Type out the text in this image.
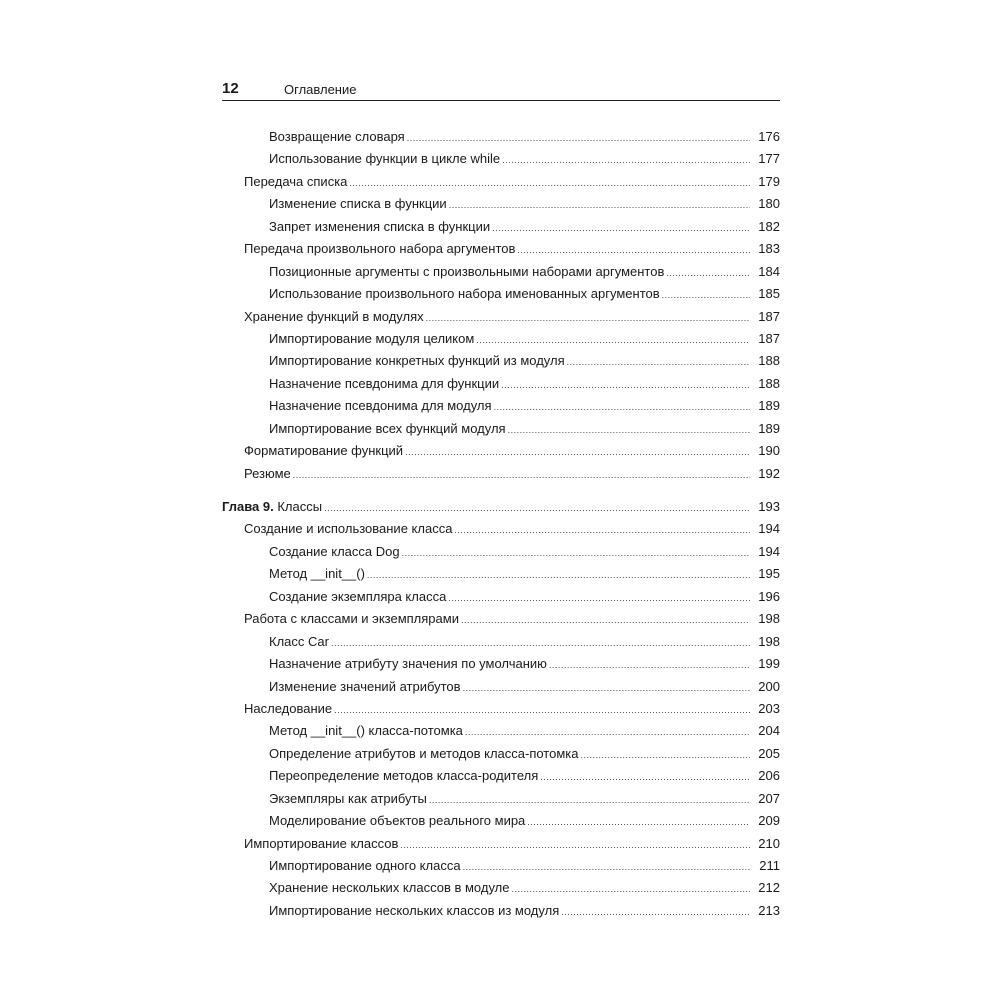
12	Оглавление
Возвращение словаря .....	176
Использование функции в цикле while .....	177
Передача списка .....	179
Изменение списка в функции .....	180
Запрет изменения списка в функции .....	182
Передача произвольного набора аргументов .....	183
Позиционные аргументы с произвольными наборами аргументов .....	184
Использование произвольного набора именованных аргументов .....	185
Хранение функций в модулях .....	187
Импортирование модуля целиком .....	187
Импортирование конкретных функций из модуля .....	188
Назначение псевдонима для функции .....	188
Назначение псевдонима для модуля .....	189
Импортирование всех функций модуля .....	189
Форматирование функций .....	190
Резюме .....	192
Глава 9. Классы .....	193
Создание и использование класса .....	194
Создание класса Dog .....	194
Метод __init__() .....	195
Создание экземпляра класса .....	196
Работа с классами и экземплярами .....	198
Класс Car .....	198
Назначение атрибуту значения по умолчанию .....	199
Изменение значений атрибутов .....	200
Наследование .....	203
Метод __init__() класса-потомка .....	204
Определение атрибутов и методов класса-потомка .....	205
Переопределение методов класса-родителя .....	206
Экземпляры как атрибуты .....	207
Моделирование объектов реального мира .....	209
Импортирование классов .....	210
Импортирование одного класса .....	211
Хранение нескольких классов в модуле .....	212
Импортирование нескольких классов из модуля .....	213
